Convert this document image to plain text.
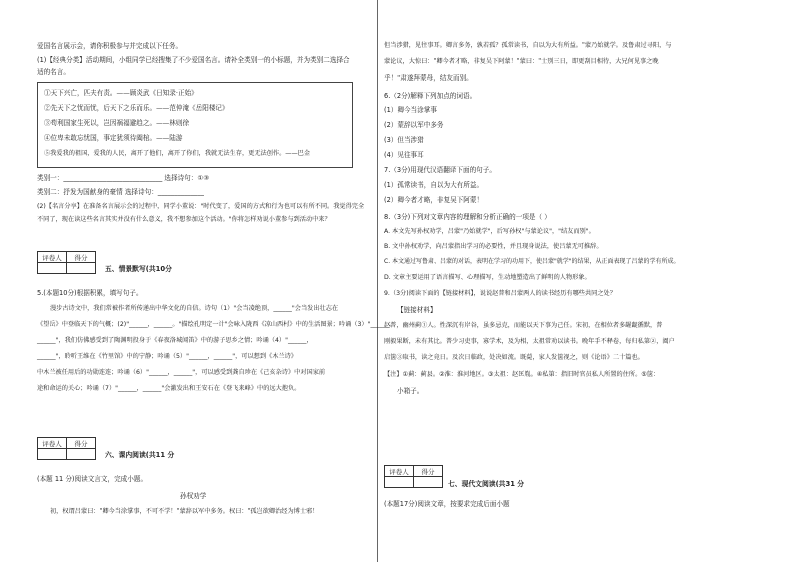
爱国名言展示会，请你积极参与并完成以下任务。
(1)【经典分类】活动期间，小组同学已经搜集了不少爱国名言。请补全类别一的小标题，并为类别二选择合
适的名言。
①天下兴亡，匹夫有责。——顾炎武《日知录·正始》
②先天下之忧而忧，后天下之乐而乐。——范仲淹《岳阳楼记》
③苟利国家生死以，岂因祸福避趋之。——林则徐
④位卑未敢忘忧国，事定犹须待阖棺。——陆游
⑤我爱我的祖国，爱我的人民，离开了他们，离开了你们，我就无法生存，更无法创作。——巴金
类别一：______________________________ 选择诗句：①③
类别二：抒发为国献身的豪情 选择诗句：______________
(2)【名言分享】在准备名言展示会的过程中，同学小董说："时代变了，爱国的方式和行为也可以有所不同。我觉得完全
不同了，现在读这些名言其实并没有什么意义，我不想参加这个活动。"你将怎样劝说小董参与到活动中来？
评卷人	得分

五、情景默写(共10分
5.(本题10分)根据积累，填写句子。
漫步古诗文中，我们常被作者所传递出中华文化的自信。诗句（1）"会当凌绝顶，______"会当发出壮志在
《望岳》中登临天下的气概；(2)"______，______。"描绘孔明定一计"会咏入陇西《凉山西村》中的生活图景；吟诵（3）"______，
______"，我们仿佛感受到了陶渊明投身于《春夜洛城闻笛》中的游子思乡之情；吟诵（4）"______，
______"，聆听王维在《竹里馆》中的宁静；吟诵（5）"______，______"，可以想到《木兰诗》
中木兰被任用后的功勋连连；吟诵（6）"______，______"，可以感受到龚自珍在《己亥杂诗》中对国家前
途和命运的关心；吟诵（7）"______，______"会激发出和王安石在《登飞来峰》中的远大抱负。
评卷人	得分

六、课内阅读(共11 分
(本题 11 分)阅读文言文，完成小题。
孙权劝学
初，权谓吕蒙曰："卿今当涂掌事，不可不学！"蒙辞以军中多务。权曰："孤岂欲卿治经为博士邪！
但当涉猎，见往事耳。卿言多务，孰若孤？孤常读书，自以为大有所益。"蒙乃始就学。及鲁肃过寻阳，与
蒙论议，大惊曰："卿今者才略，非复吴下阿蒙！"蒙曰："士别三日，即更刮目相待，大兄何见事之晚
乎！"肃遂拜蒙母，结友而别。
6.（2分)解释下列加点的词语。
(1）卿今当涂掌事
(2）蒙辞以军中多务
(3）但当涉猎
(4）见往事耳
7.（3分)用现代汉语翻译下面的句子。
(1）孤常读书，自以为大有所益。
(2）卿今者才略，非复吴下阿蒙！
8.（3分)下列对文章内容的理解和分析正确的一项是（ ）
A. 本文先写孙权劝学，吕蒙"乃始就学"，后写孙权"与蒙论议"，"结友而别"。
B. 文中孙权劝学，向吕蒙指出学习的必要性，并且现身说法，使吕蒙无可推辞。
C. 本文通过写鲁肃、吕蒙的对话，表明在学习的功用下，使吕蒙"就学"的结果，从正面表现了吕蒙的学有所成。
D. 文章主要运用了语言描写、心理描写，生动地塑造出了鲜明的人物形象。
9.（3分)阅读下面的【链接材料】，说说赵普和吕蒙两人的读书经历有哪些共同之处？
【链接材料】
赵普，幽州蓟①人。性深沉有岸谷，虽多忌克，而能以天下事为己任。宋初，在相位者多龌龊循默，普
刚毅果断，未有其比。普少习吏事，寡学术，及为相，太祖常劝以读书。晚年手不释卷，每归私第②，阖户
启箧③取书，读之竟日。及次日临政，处决如流。既薨，家人发箧视之，则《论语》二十篇也。
【注】①蓟：蓟县。②淮：淮河地区。③太祖：赵匡胤。④私第：指旧时官员私人所置的住所。⑤箧：
小箱子。
评卷人	得分

七、现代文阅读(共31 分
(本题17分)阅读文章，按要求完成后面小题
